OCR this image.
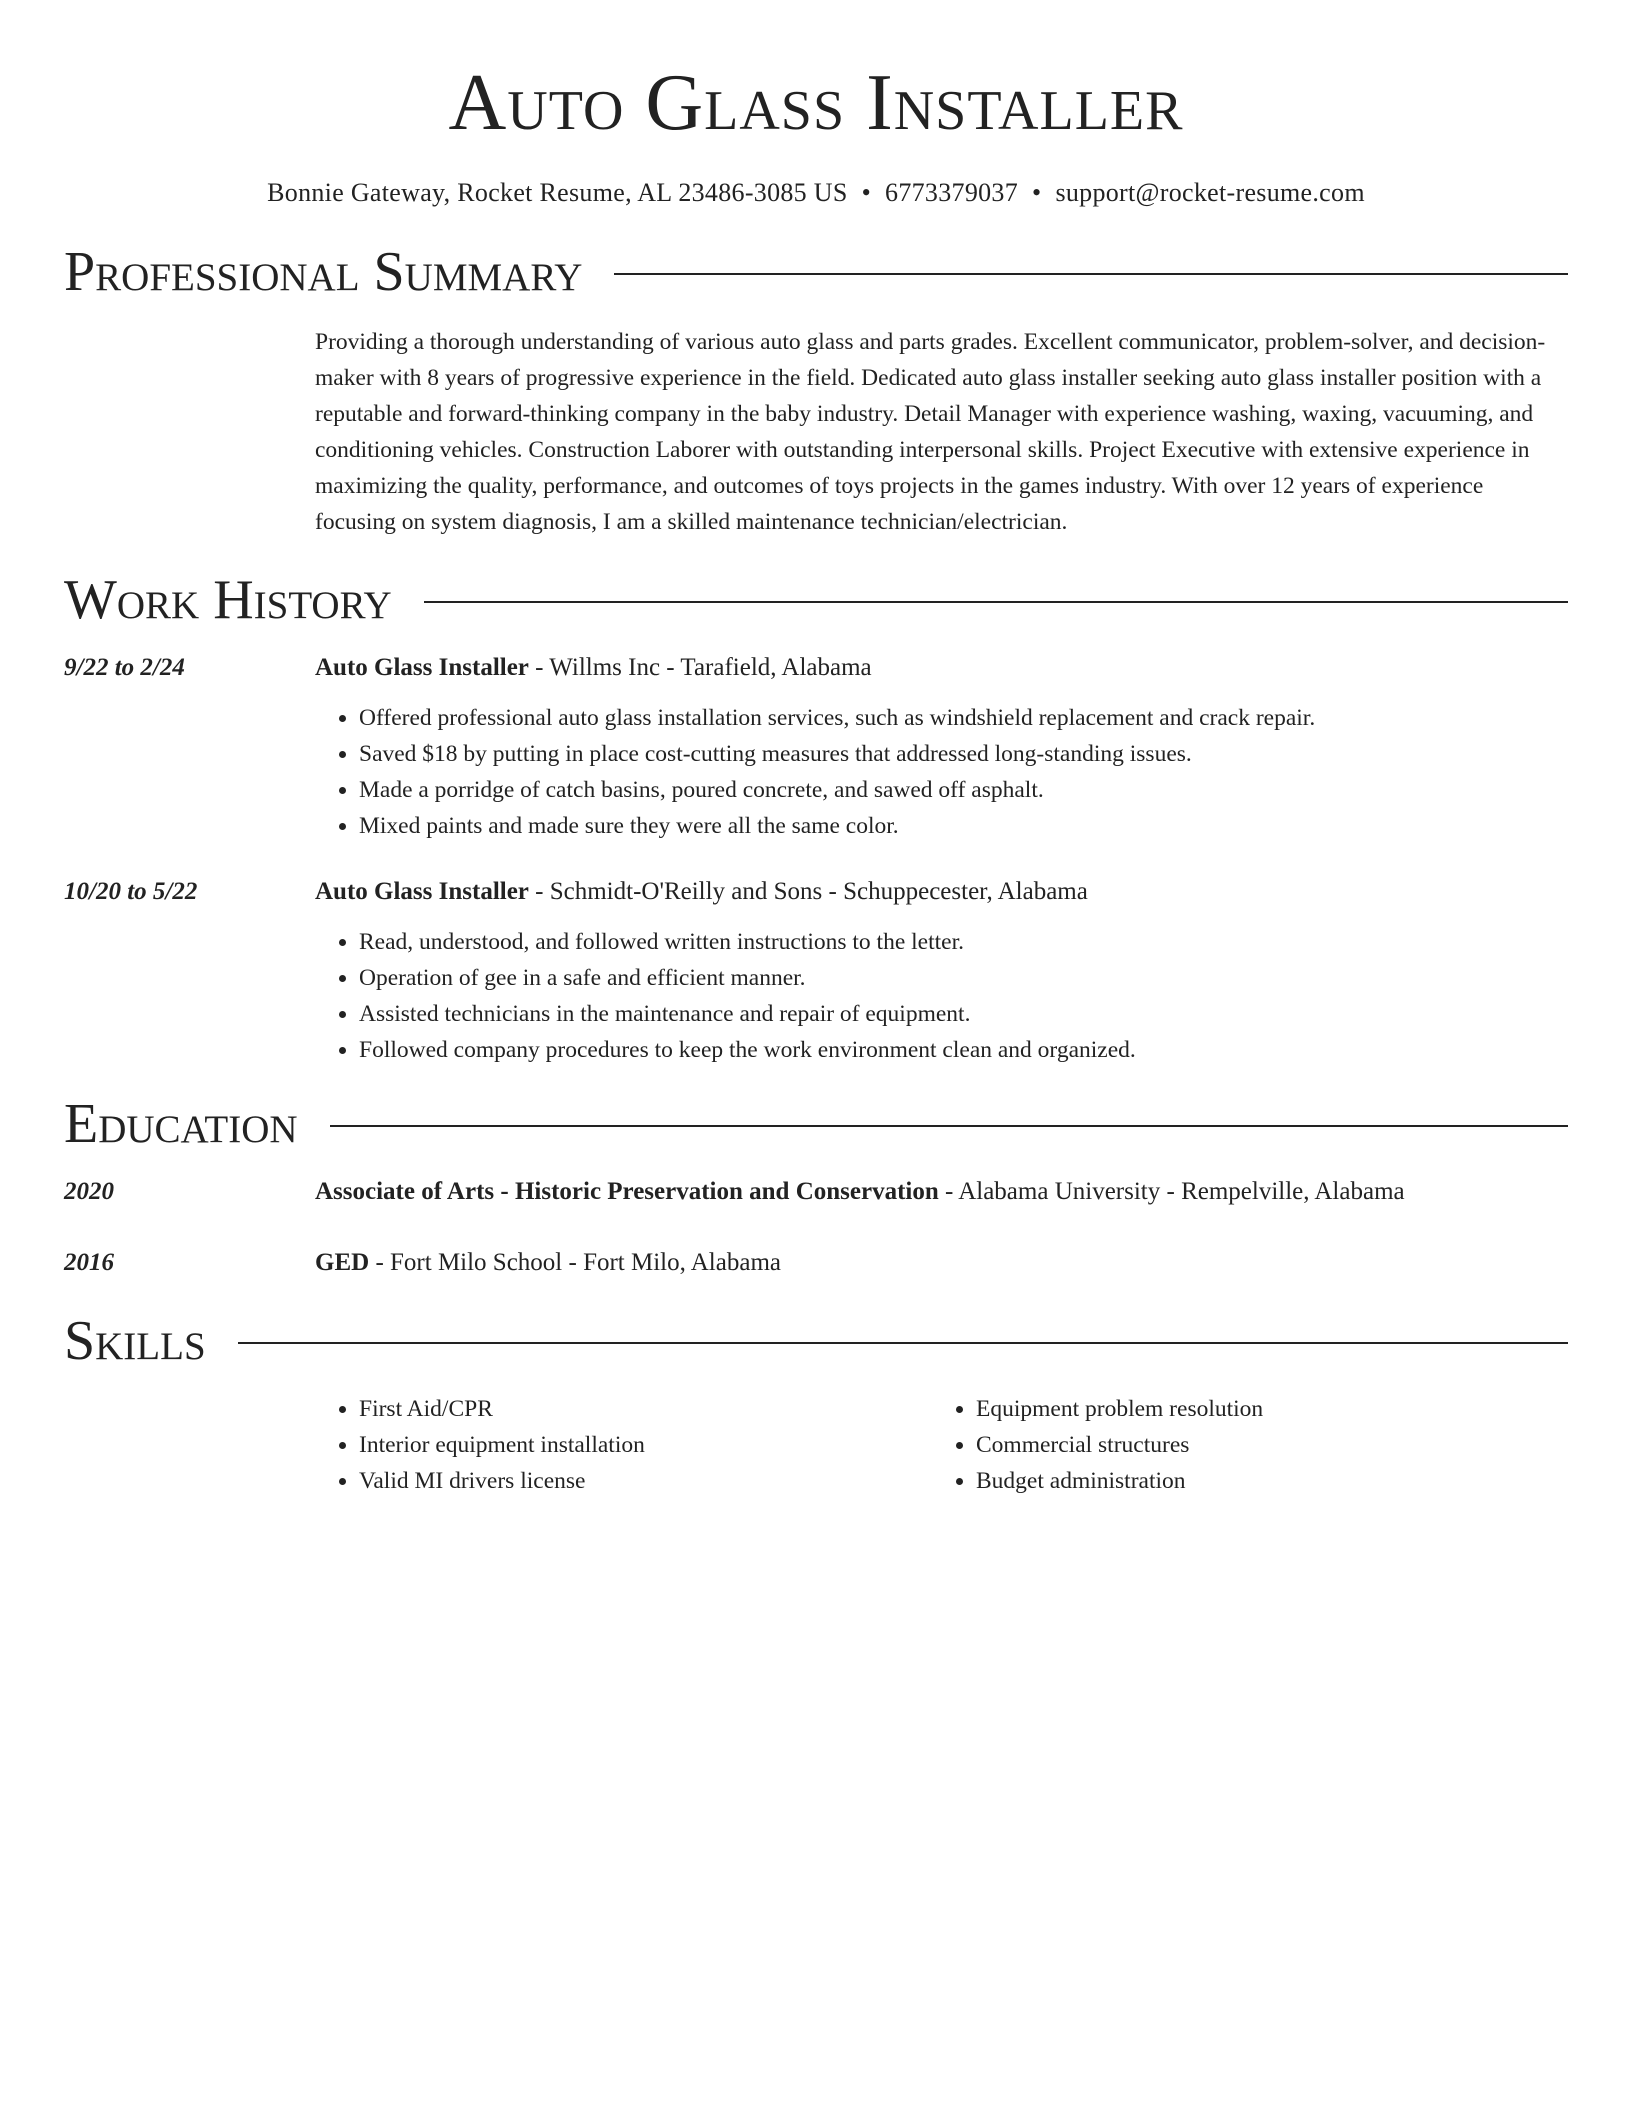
Auto Glass Installer
Bonnie Gateway, Rocket Resume, AL 23486-3085 US • 6773379037 • support@rocket-resume.com
Professional Summary
Providing a thorough understanding of various auto glass and parts grades. Excellent communicator, problem-solver, and decision-maker with 8 years of progressive experience in the field. Dedicated auto glass installer seeking auto glass installer position with a reputable and forward-thinking company in the baby industry. Detail Manager with experience washing, waxing, vacuuming, and conditioning vehicles. Construction Laborer with outstanding interpersonal skills. Project Executive with extensive experience in maximizing the quality, performance, and outcomes of toys projects in the games industry. With over 12 years of experience focusing on system diagnosis, I am a skilled maintenance technician/electrician.
Work History
9/22 to 2/24	Auto Glass Installer - Willms Inc - Tarafield, Alabama
• Offered professional auto glass installation services, such as windshield replacement and crack repair.
• Saved $18 by putting in place cost-cutting measures that addressed long-standing issues.
• Made a porridge of catch basins, poured concrete, and sawed off asphalt.
• Mixed paints and made sure they were all the same color.
10/20 to 5/22	Auto Glass Installer - Schmidt-O'Reilly and Sons - Schuppecester, Alabama
• Read, understood, and followed written instructions to the letter.
• Operation of gee in a safe and efficient manner.
• Assisted technicians in the maintenance and repair of equipment.
• Followed company procedures to keep the work environment clean and organized.
Education
2020	Associate of Arts - Historic Preservation and Conservation - Alabama University - Rempelville, Alabama
2016	GED - Fort Milo School - Fort Milo, Alabama
Skills
• First Aid/CPR
• Interior equipment installation
• Valid MI drivers license
• Equipment problem resolution
• Commercial structures
• Budget administration
